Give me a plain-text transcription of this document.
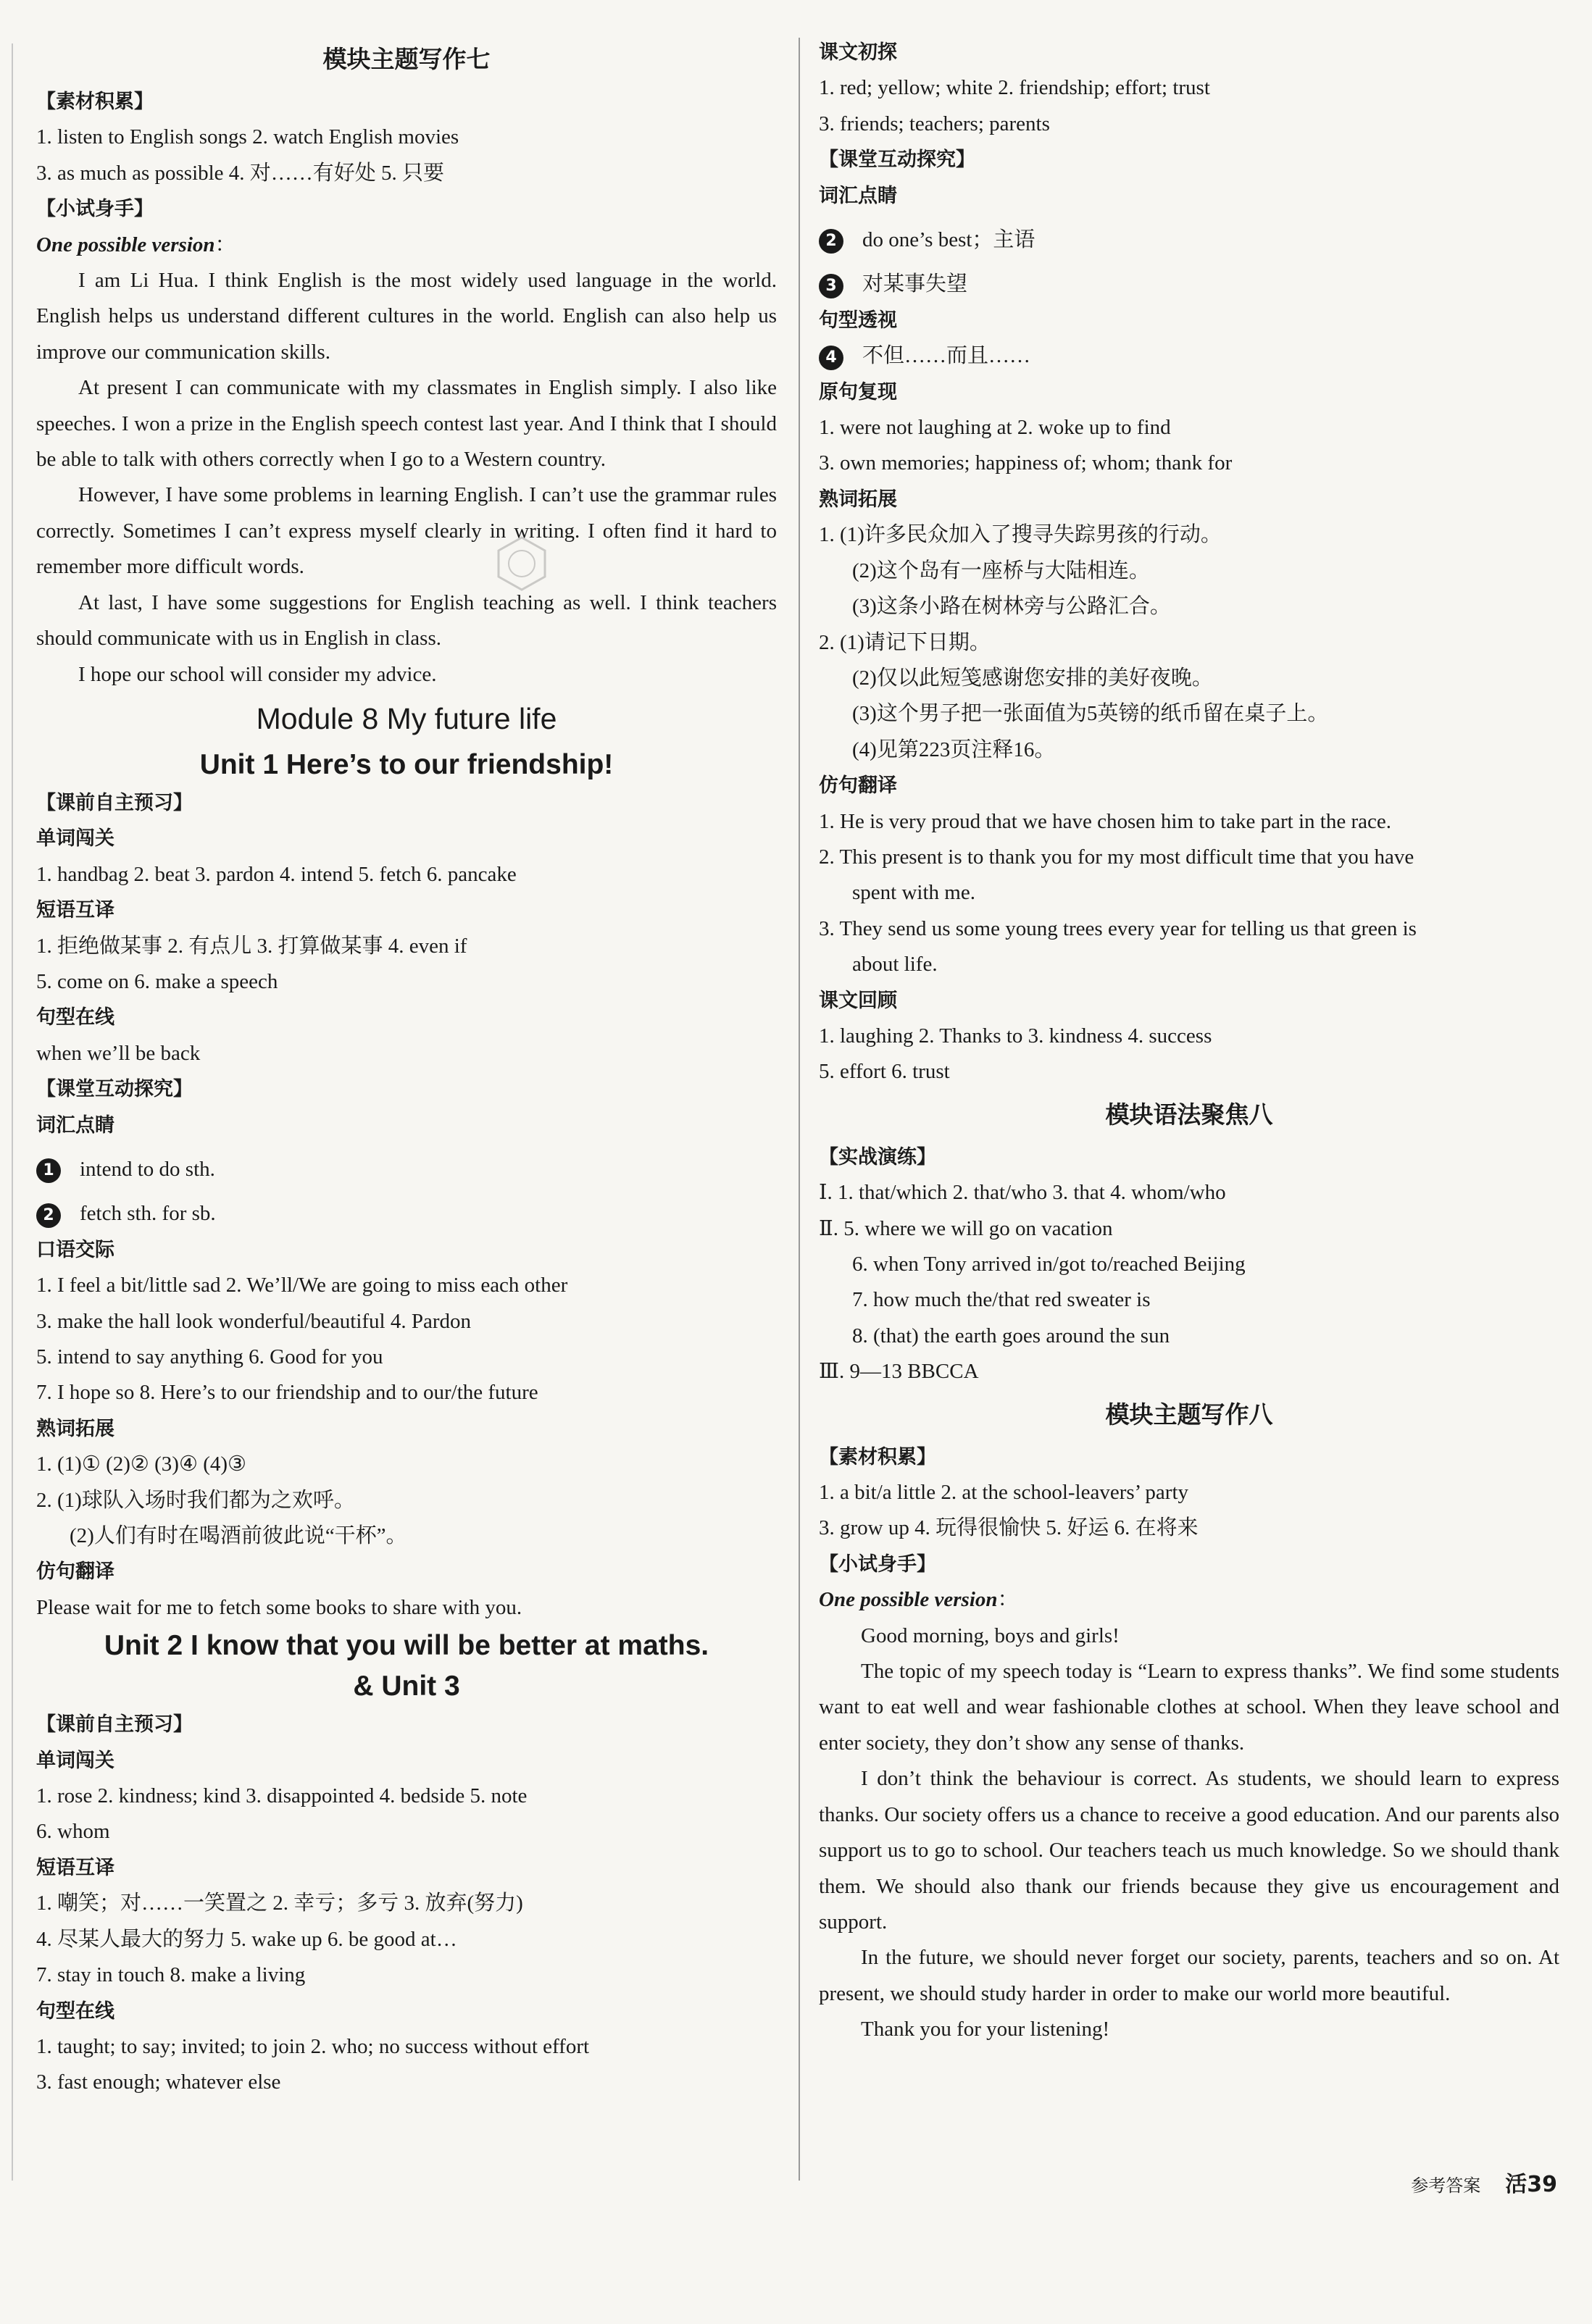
模块主题写作七
【素材积累】
1. listen to English songs 2. watch English movies
3. as much as possible 4. 对……有好处 5. 只要
【小试身手】
One possible version：
I am Li Hua. I think English is the most widely used language in the world. English helps us understand different cultures in the world. English can also help us improve our communication skills.
At present I can communicate with my classmates in English simply. I also like speeches. I won a prize in the English speech contest last year. And I think that I should be able to talk with others correctly when I go to a Western country.
However, I have some problems in learning English. I can’t use the grammar rules correctly. Sometimes I can’t express myself clearly in writing. I often find it hard to remember more difficult words.
At last, I have some suggestions for English teaching as well. I think teachers should communicate with us in English in class.
I hope our school will consider my advice.
Module 8 My future life
Unit 1 Here’s to our friendship!
【课前自主预习】
单词闯关
1. handbag 2. beat 3. pardon 4. intend 5. fetch 6. pancake
短语互译
1. 拒绝做某事 2. 有点儿 3. 打算做某事 4. even if
5. come on 6. make a speech
句型在线
when we’ll be back
【课堂互动探究】
词汇点睛
1 intend to do sth.
2 fetch sth. for sb.
口语交际
1. I feel a bit/little sad 2. We’ll/We are going to miss each other
3. make the hall look wonderful/beautiful 4. Pardon
5. intend to say anything 6. Good for you
7. I hope so 8. Here’s to our friendship and to our/the future
熟词拓展
1. (1)① (2)② (3)④ (4)③
2. (1)球队入场时我们都为之欢呼。
(2)人们有时在喝酒前彼此说“干杯”。
仿句翻译
Please wait for me to fetch some books to share with you.
Unit 2 I know that you will be better at maths.
& Unit 3
【课前自主预习】
单词闯关
1. rose 2. kindness; kind 3. disappointed 4. bedside 5. note
6. whom
短语互译
1. 嘲笑；对……一笑置之 2. 幸亏；多亏 3. 放弃(努力)
4. 尽某人最大的努力 5. wake up 6. be good at…
7. stay in touch 8. make a living
句型在线
1. taught; to say; invited; to join 2. who; no success without effort
3. fast enough; whatever else
课文初探
1. red; yellow; white 2. friendship; effort; trust
3. friends; teachers; parents
【课堂互动探究】
词汇点睛
2 do one’s best；主语
3 对某事失望
句型透视
4 不但……而且……
原句复现
1. were not laughing at 2. woke up to find
3. own memories; happiness of; whom; thank for
熟词拓展
1. (1)许多民众加入了搜寻失踪男孩的行动。
(2)这个岛有一座桥与大陆相连。
(3)这条小路在树林旁与公路汇合。
2. (1)请记下日期。
(2)仅以此短笺感谢您安排的美好夜晚。
(3)这个男子把一张面值为5英镑的纸币留在桌子上。
(4)见第223页注释16。
仿句翻译
1. He is very proud that we have chosen him to take part in the race.
2. This present is to thank you for my most difficult time that you have
spent with me.
3. They send us some young trees every year for telling us that green is
about life.
课文回顾
1. laughing 2. Thanks to 3. kindness 4. success
5. effort 6. trust
模块语法聚焦八
【实战演练】
Ⅰ. 1. that/which 2. that/who 3. that 4. whom/who
Ⅱ. 5. where we will go on vacation
6. when Tony arrived in/got to/reached Beijing
7. how much the/that red sweater is
8. (that) the earth goes around the sun
Ⅲ. 9—13 BBCCA
模块主题写作八
【素材积累】
1. a bit/a little 2. at the school-leavers’ party
3. grow up 4. 玩得很愉快 5. 好运 6. 在将来
【小试身手】
One possible version：
Good morning, boys and girls!
The topic of my speech today is “Learn to express thanks”. We find some students want to eat well and wear fashionable clothes at school. When they leave school and enter society, they don’t show any sense of thanks.
I don’t think the behaviour is correct. As students, we should learn to express thanks. Our society offers us a chance to receive a good education. And our parents also support us to go to school. Our teachers teach us much knowledge. So we should thank them. We should also thank our friends because they give us encouragement and support.
In the future, we should never forget our society, parents, teachers and so on. At present, we should study harder in order to make our world more beautiful.
Thank you for your listening!
参考答案 活39
